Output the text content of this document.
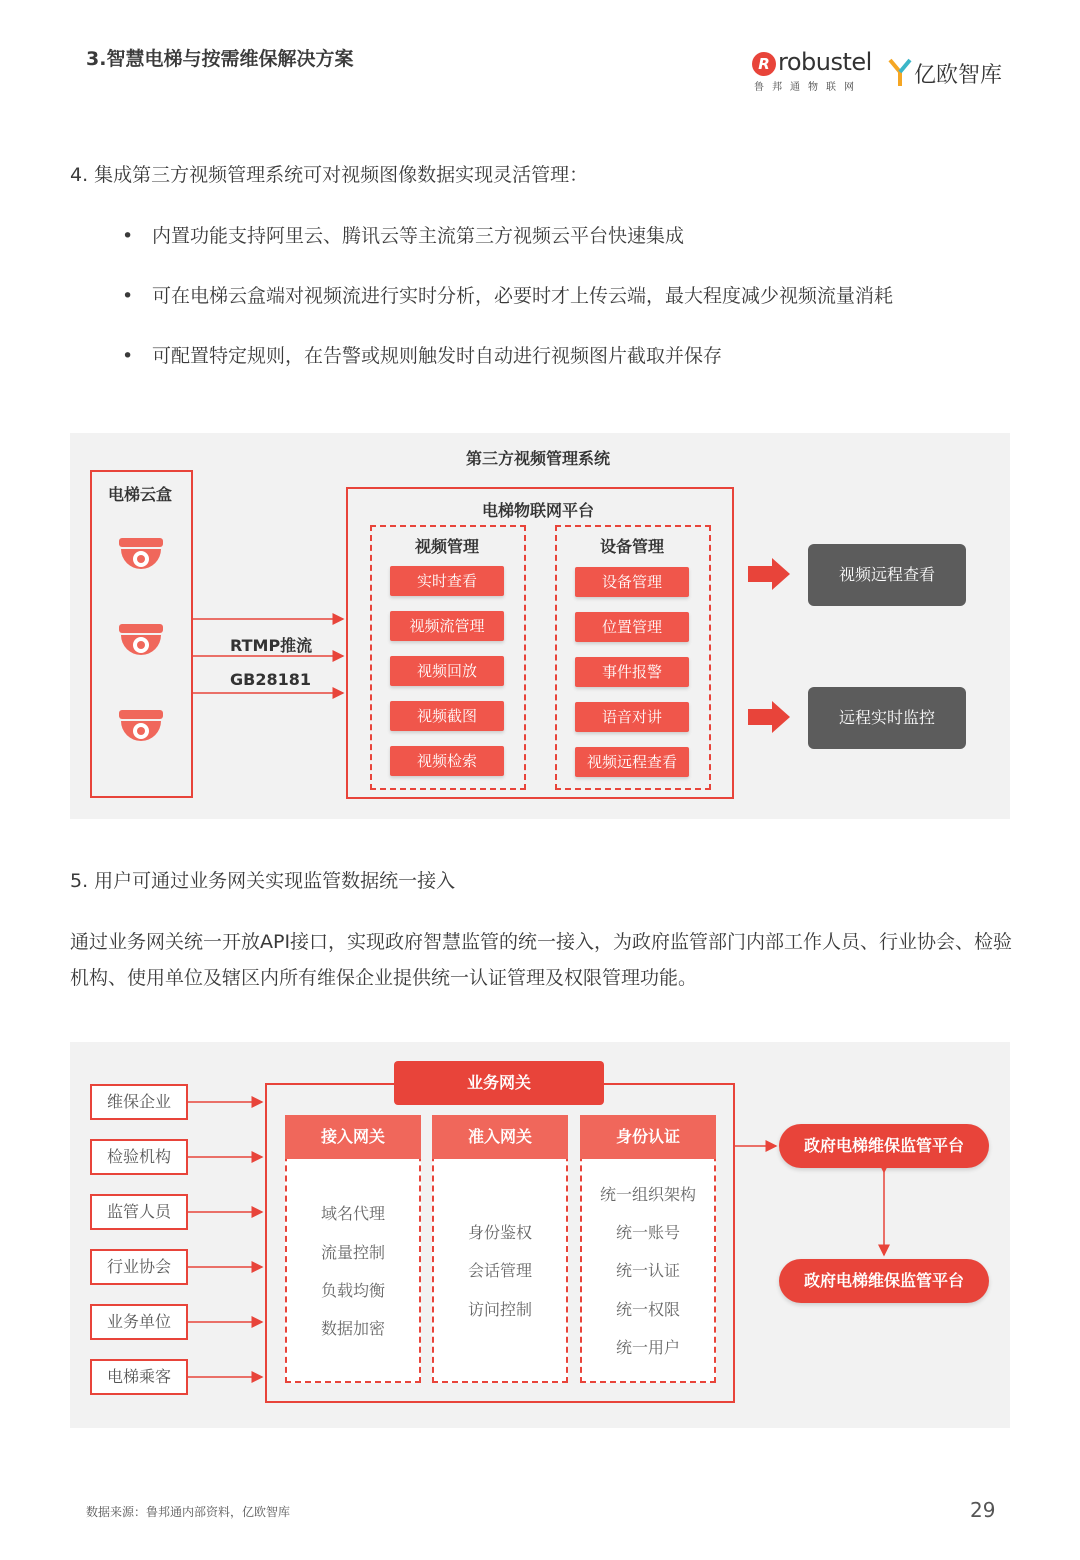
3.智慧电梯与按需维保解决方案	R robustel
鲁邦通物联网 亿欧智库
4. 集成第三方视频管理系统可对视频图像数据实现灵活管理：
• 内置功能支持阿里云、腾讯云等主流第三方视频云平台快速集成
• 可在电梯云盒端对视频流进行实时分析，必要时才上传云端，最大程度减少视频流量消耗
• 可配置特定规则，在告警或规则触发时自动进行视频图片截取并保存
第三方视频管理系统
电梯云盒
RTMP推流
GB28181
电梯物联网平台
视频管理	设备管理
实时查看
视频流管理
视频回放
视频截图
视频检索
设备管理
位置管理
事件报警
语音对讲
视频远程查看
视频远程查看
远程实时监控
5. 用户可通过业务网关实现监管数据统一接入
通过业务网关统一开放API接口，实现政府智慧监管的统一接入，为政府监管部门内部工作人员、行业协会、检验机构、使用单位及辖区内所有维保企业提供统一认证管理及权限管理功能。
维保企业
检验机构
监管人员
行业协会
业务单位
电梯乘客
业务网关
接入网关	准入网关	身份认证
域名代理
流量控制
负载均衡
数据加密
身份鉴权
会话管理
访问控制
统一组织架构
统一账号
统一认证
统一权限
统一用户
政府电梯维保监管平台
政府电梯维保监管平台
数据来源：鲁邦通内部资料，亿欧智库	29
